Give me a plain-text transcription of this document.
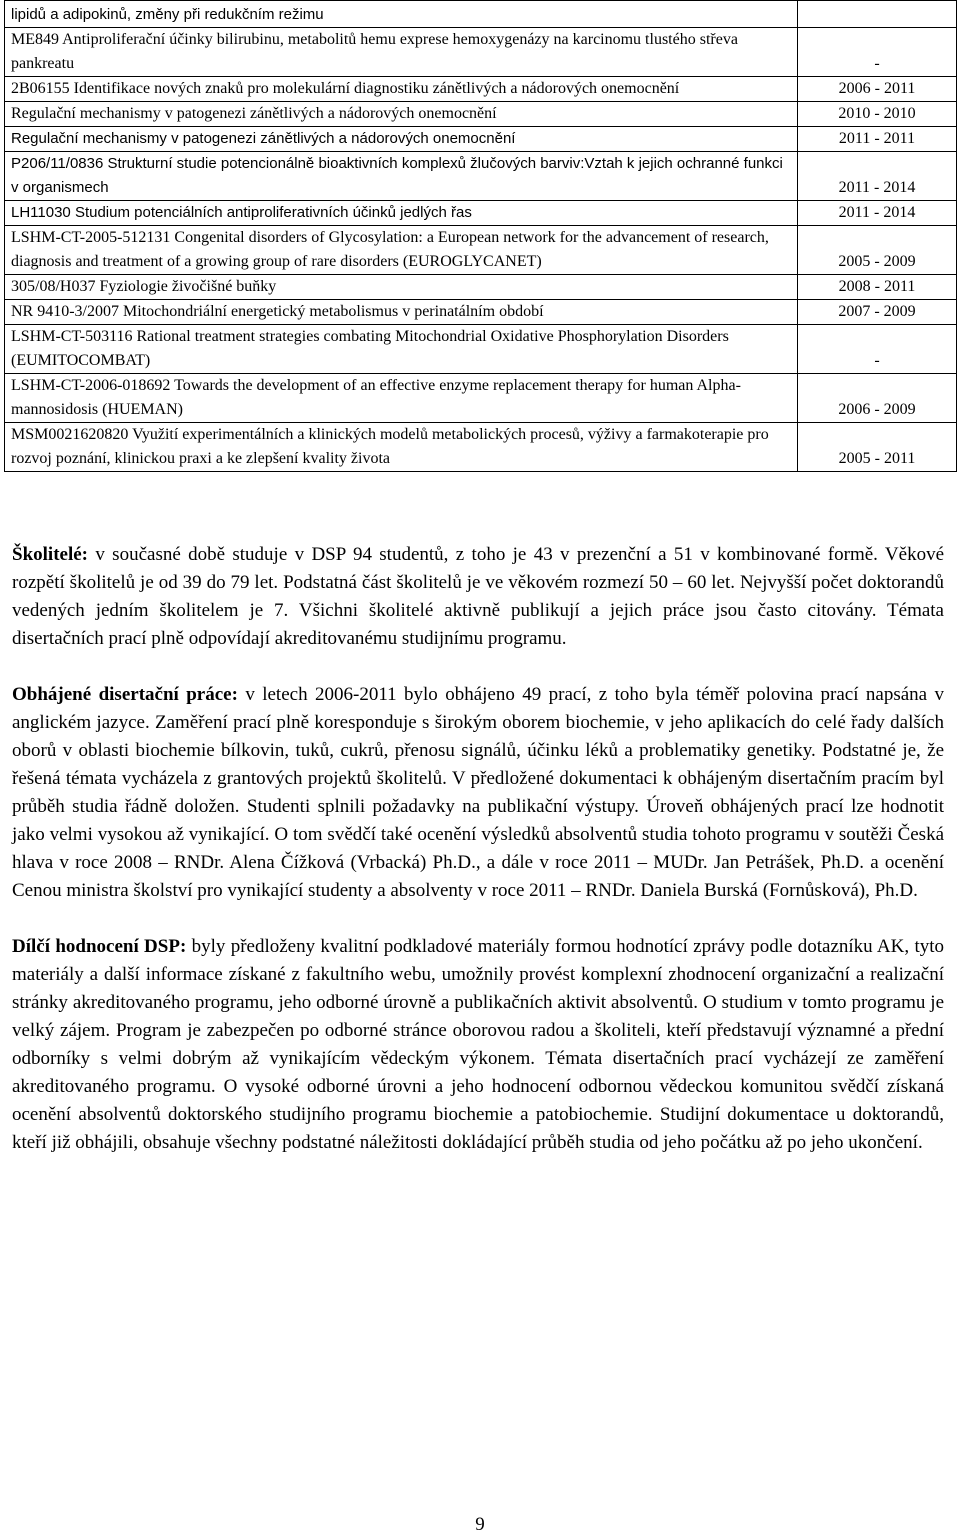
lipidů a adipokinů, změny při redukčním režimu	
ME849 Antiproliferační účinky bilirubinu, metabolitů hemu exprese hemoxygenázy na karcinomu tlustého střeva pankreatu	-
2B06155 Identifikace nových znaků pro molekulární diagnostiku zánětlivých a nádorových onemocnění	2006 - 2011
Regulační mechanismy v patogenezi zánětlivých a nádorových onemocnění	2010 - 2010
Regulační mechanismy v patogenezi zánětlivých a nádorových onemocnění	2011 - 2011
P206/11/0836 Strukturní studie potencionálně bioaktivních komplexů žlučových barviv:Vztah k jejich ochranné funkci v organismech	2011 - 2014
LH11030 Studium potenciálních antiproliferativních účinků jedlých řas	2011 - 2014
LSHM-CT-2005-512131 Congenital disorders of Glycosylation: a European network for the advancement of research, diagnosis and treatment of a growing group of rare disorders (EUROGLYCANET)	2005 - 2009
305/08/H037 Fyziologie živočišné buňky	2008 - 2011
NR 9410-3/2007 Mitochondriální energetický metabolismus v perinatálním období	2007 - 2009
LSHM-CT-503116 Rational treatment strategies combating Mitochondrial Oxidative Phosphorylation Disorders (EUMITOCOMBAT)	-
LSHM-CT-2006-018692 Towards the development of an effective enzyme replacement therapy for human Alpha-mannosidosis (HUEMAN)	2006 - 2009
MSM0021620820 Využití experimentálních a klinických modelů metabolických procesů, výživy a farmakoterapie pro rozvoj poznání, klinickou praxi a ke zlepšení kvality života	2005 - 2011

Školitelé: v současné době studuje v DSP 94 studentů, z toho je 43 v prezenční a 51 v kombinované formě. Věkové rozpětí školitelů je od 39 do 79 let. Podstatná část školitelů je ve věkovém rozmezí 50 – 60 let. Nejvyšší počet doktorandů vedených jedním školitelem je 7. Všichni školitelé aktivně publikují a jejich práce jsou často citovány. Témata disertačních prací plně odpovídají akreditovanému studijnímu programu.

Obhájené disertační práce: v letech 2006-2011 bylo obhájeno 49 prací, z toho byla téměř polovina prací napsána v anglickém jazyce. Zaměření prací plně koresponduje s širokým oborem biochemie, v jeho aplikacích do celé řady dalších oborů v oblasti biochemie bílkovin, tuků, cukrů, přenosu signálů, účinku léků a problematiky genetiky. Podstatné je, že řešená témata vycházela z grantových projektů školitelů. V předložené dokumentaci k obhájeným disertačním pracím byl průběh studia řádně doložen. Studenti splnili požadavky na publikační výstupy. Úroveň obhájených prací lze hodnotit jako velmi vysokou až vynikající. O tom svědčí také ocenění výsledků absolventů studia tohoto programu v soutěži Česká hlava v roce 2008 – RNDr. Alena Čížková (Vrbacká) Ph.D., a dále v roce 2011 – MUDr. Jan Petrášek, Ph.D. a ocenění Cenou ministra školství pro vynikající studenty a absolventy v roce 2011 – RNDr. Daniela Burská (Fornůsková), Ph.D.

Dílčí hodnocení DSP: byly předloženy kvalitní podkladové materiály formou hodnotící zprávy podle dotazníku AK, tyto materiály a další informace získané z fakultního webu, umožnily provést komplexní zhodnocení organizační a realizační stránky akreditovaného programu, jeho odborné úrovně a publikačních aktivit absolventů. O studium v tomto programu je velký zájem. Program je zabezpečen po odborné stránce oborovou radou a školiteli, kteří představují významné a přední odborníky s velmi dobrým až vynikajícím vědeckým výkonem. Témata disertačních prací vycházejí ze zaměření akreditovaného programu. O vysoké odborné úrovni a jeho hodnocení odbornou vědeckou komunitou svědčí získaná ocenění absolventů doktorského studijního programu biochemie a patobiochemie. Studijní dokumentace u doktorandů, kteří již obhájili, obsahuje všechny podstatné náležitosti dokládající průběh studia od jeho počátku až po jeho ukončení.

9
